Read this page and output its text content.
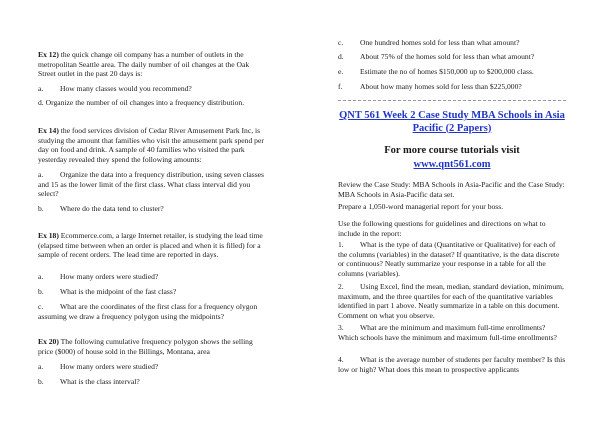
Ex 12) the quick change oil company has a number of outlets in the metropolitan Seattle area. The daily number of oil changes at the Oak Street outlet in the past 20 days is:

a. How many classes would you recommend?
d. Organize the number of oil changes into a frequency distribution.

Ex 14) the food services division of Cedar River Amusement Park Inc, is studying the amount that families who visit the amusement park spend per day on food and drink. A sample of 40 families who visited the park yesterday revealed they spend the following amounts:

a. Organize the data into a frequency distribution, using seven classes and 15 as the lower limit of the first class. What class interval did you select?

b. Where do the data tend to cluster?

Ex 18) Ecommerce.com, a large Internet retailer, is studying the lead time (elapsed time between when an order is placed and when it is filled) for a sample of recent orders. The lead time are reported in days.

a. How many orders were studied?
b. What is the midpoint of the fast class?

c. What are the coordinates of the first class for a frequency olygon assuming we draw a frequency polygon using the midpoints?

Ex 20) The following cumulative frequency polygon shows the selling price ($000) of house sold in the Billings, Montana, area

a. How many orders were studied?
b. What is the class interval?
c. One hundred homes sold for less than what amount?
d. About 75% of the homes sold for less than what amount?
e. Estimate the no of homes $150,000 up to $200,000 class.
f. About how many homes sold for less than $225,000?
QNT 561 Week 2 Case Study MBA Schools in Asia Pacific (2 Papers)
For more course tutorials visit
www.qnt561.com

Review the Case Study: MBA Schools in Asia-Pacific and the Case Study: MBA Schools in Asia-Pacific data set.

Prepare a 1,050-word managerial report for your boss.

Use the following questions for guidelines and directions on what to include in the report:

1. What is the type of data (Quantitative or Qualitative) for each of the columns (variables) in the dataset? If quantitative, is the data discrete or continuous? Neatly summarize your response in a table for all the columns (variables).

2. Using Excel, find the mean, median, standard deviation, minimum, maximum, and the three quartiles for each of the quantitative variables identified in part 1 above. Neatly summarize in a table on this document. Comment on what you observe.

3. What are the minimum and maximum full-time enrollments? Which schools have the minimum and maximum full-time enrollments?

4. What is the average number of students per faculty member? Is this low or high? What does this mean to prospective applicants
